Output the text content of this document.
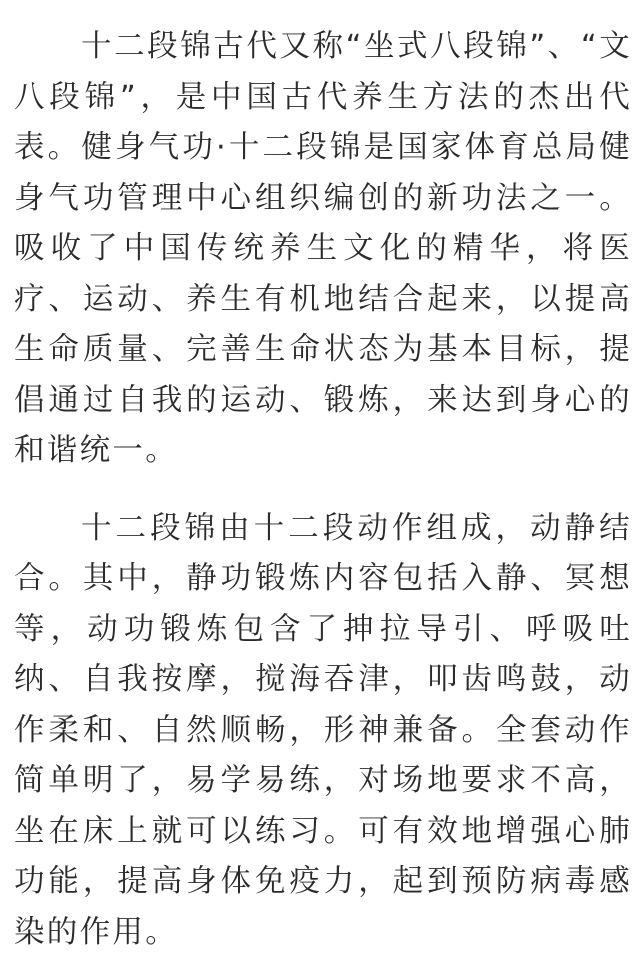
十二段锦古代又称“坐式八段锦”、“文八段锦”，是中国古代养生方法的杰出代表。健身气功·十二段锦是国家体育总局健身气功管理中心组织编创的新功法之一。吸收了中国传统养生文化的精华，将医疗、运动、养生有机地结合起来，以提高生命质量、完善生命状态为基本目标，提倡通过自我的运动、锻炼，来达到身心的和谐统一。

十二段锦由十二段动作组成，动静结合。其中，静功锻炼内容包括入静、冥想等，动功锻炼包含了抻拉导引、呼吸吐纳、自我按摩，搅海吞津，叩齿鸣鼓，动作柔和、自然顺畅，形神兼备。全套动作简单明了，易学易练，对场地要求不高，坐在床上就可以练习。可有效地增强心肺功能，提高身体免疫力，起到预防病毒感染的作用。
